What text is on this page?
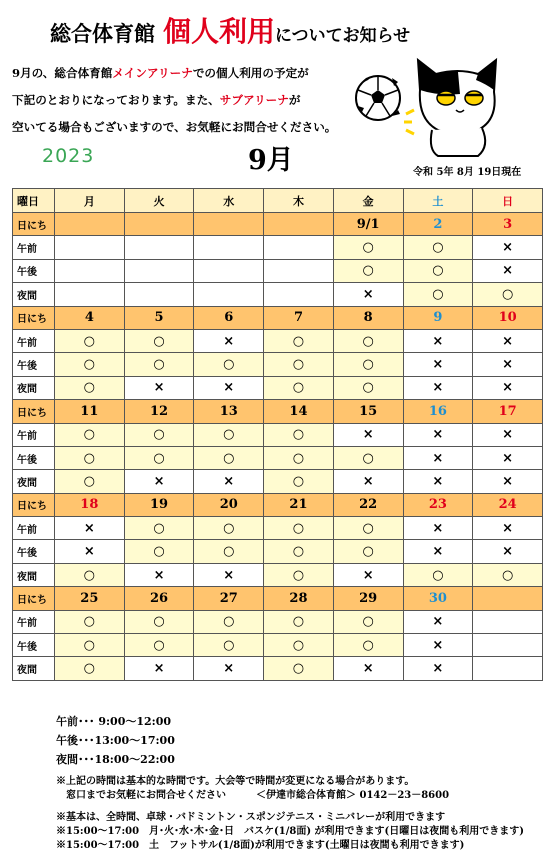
総合体育館 個人利用についてお知らせ
9月の、総合体育館メインアリーナでの個人利用の予定が
下記のとおりになっております。また、サブアリーナが
空いてる場合もございますので、お気軽にお問合せください。
2023	9月	令和 5年 8月 19日現在
曜日	月	火	水	木	金	土	日
日にち					9/1	2	3
午前					○	○	×
午後					○	○	×
夜間					×	○	○
日にち	4	5	6	7	8	9	10
午前	○	○	×	○	○	×	×
午後	○	○	○	○	○	×	×
夜間	○	×	×	○	○	×	×
日にち	11	12	13	14	15	16	17
午前	○	○	○	○	×	×	×
午後	○	○	○	○	○	×	×
夜間	○	×	×	○	×	×	×
日にち	18	19	20	21	22	23	24
午前	×	○	○	○	○	×	×
午後	×	○	○	○	○	×	×
夜間	○	×	×	○	×	○	○
日にち	25	26	27	28	29	30	
午前	○	○	○	○	○	×	
午後	○	○	○	○	○	×	
夜間	○	×	×	○	×	×	
午前･･･ 9:00～12:00
午後･･･13:00～17:00
夜間･･･18:00～22:00
※上記の時間は基本的な時間です。大会等で時間が変更になる場合があります。
　窓口までお気軽にお問合せください　　　＜伊達市総合体育館＞ 0142－23－8600
※基本は、全時間、卓球・バドミントン・スポンジテニス・ミニバレーが利用できます
※15:00～17:00　月･火･水･木･金･日　バスケ(1/8面) が利用できます(日曜日は夜間も利用できます)
※15:00～17:00　土　フットサル(1/8面)が利用できます(土曜日は夜間も利用できます)
